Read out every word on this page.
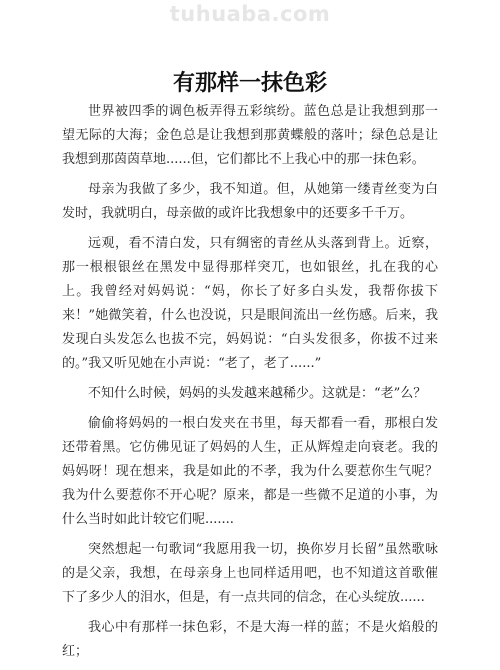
tuhuaba.com
有那样一抹色彩

世界被四季的调色板弄得五彩缤纷。蓝色总是让我想到那一望无际的大海；金色总是让我想到那黄蝶般的落叶；绿色总是让我想到那茵茵草地......但，它们都比不上我心中的那一抹色彩。

母亲为我做了多少，我不知道。但，从她第一缕青丝变为白发时，我就明白，母亲做的或许比我想象中的还要多千千万。

远观，看不清白发，只有绸密的青丝从头落到背上。近察，那一根根银丝在黑发中显得那样突兀，也如银丝，扎在我的心上。我曾经对妈妈说：“妈，你长了好多白头发，我帮你拔下来！”她微笑着，什么也没说，只是眼间流出一丝伤感。后来，我发现白头发怎么也拔不完，妈妈说：“白头发很多，你拔不过来的。”我又听见她在小声说：“老了，老了......”

不知什么时候，妈妈的头发越来越稀少。这就是：“老”么？

偷偷将妈妈的一根白发夹在书里，每天都看一看，那根白发还带着黑。它仿佛见证了妈妈的人生，正从辉煌走向衰老。我的妈妈呀！现在想来，我是如此的不孝，我为什么要惹你生气呢？我为什么要惹你不开心呢？原来，都是一些微不足道的小事，为什么当时如此计较它们呢.......

突然想起一句歌词“我愿用我一切，换你岁月长留”虽然歌咏的是父亲，我想，在母亲身上也同样适用吧，也不知道这首歌催下了多少人的泪水，但是，有一点共同的信念，在心头绽放......

我心中有那样一抹色彩，不是大海一样的蓝；不是火焰般的红；
